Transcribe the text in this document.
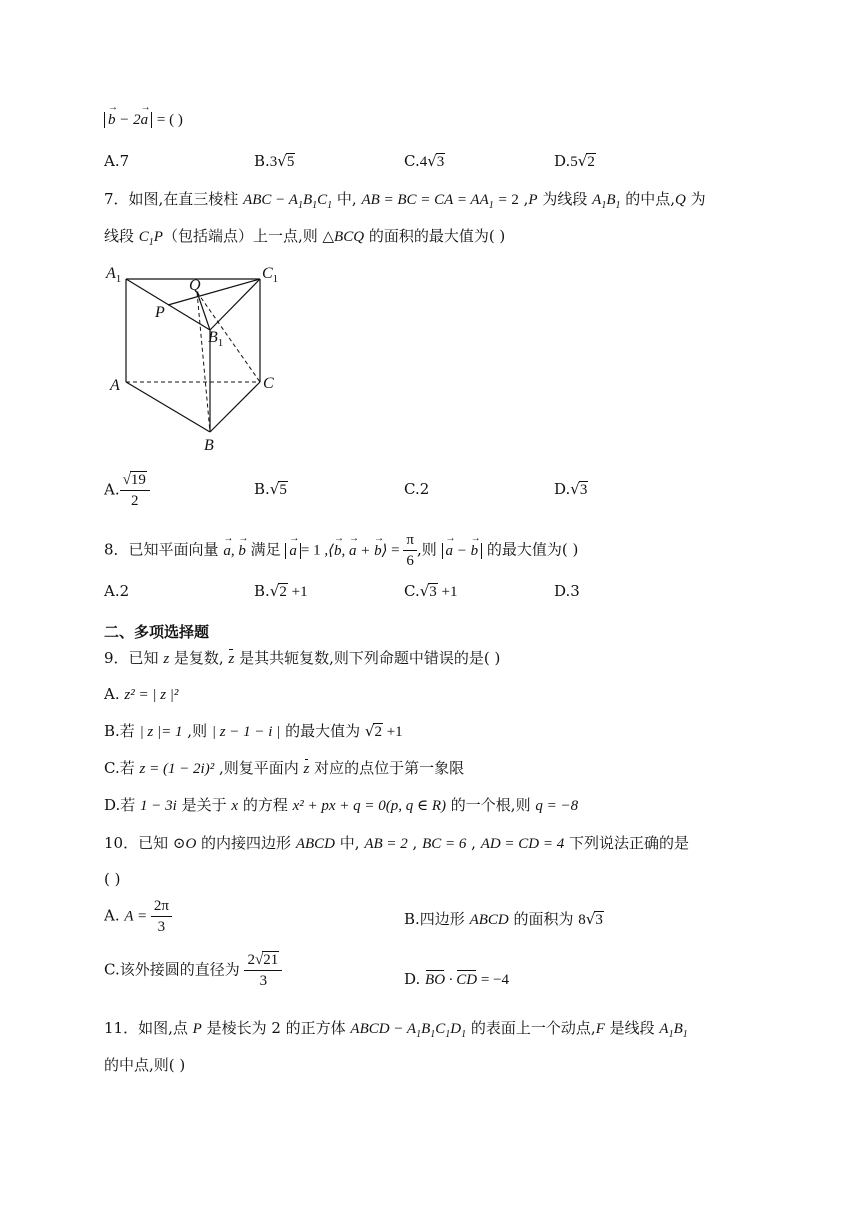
→ b − 2→ a = ( )
A.7	B.3√5	C.4√3	D.5√2
7．如图,在直三棱柱 ABC − $A_1B_1C_1$ 中, AB = BC = CA = $AA_1 = 2$ ,P 为线段 $A_1B_1$ 的中点,Q 为
线段 $C_1P$（包括端点）上一点,则 △BCQ 的面积的最大值为( )
$A_1$	$C_1$
Q
P
$B_1$
A	C
B
A. $\frac{√19}{2}$	B.√5	C.2	D.√3
8．已知平面向量 → a, → b 满足 → a = 1 ,⟨→ b, → a + → b⟩ = $\frac{\pi}{6}$ ,则 → a − → b 的最大值为( )
A.2	B.√2 +1	C.√3 +1	D.3
二、多项选择题
9．已知 z 是复数, z 是其共轭复数,则下列命题中错误的是( )
A. z² = | z |²
B.若 | z |= 1 ,则 | z − 1 − i | 的最大值为 √2 +1
C.若 z = (1 − 2i)² ,则复平面内 z 对应的点位于第一象限
D.若 1 − 3i 是关于 x 的方程 x² + px + q = 0(p, q ∈ R) 的一个根,则 q = −8
10．已知 ⊙O 的内接四边形 ABCD 中, AB = 2 , BC = 6 , AD = CD = 4 下列说法正确的是
( )
A. $A = \frac{2\pi}{3}$	B.四边形 ABCD 的面积为 8√3
C.该外接圆的直径为 $\frac{2√21}{3}$	D. BO · CD = −4
11．如图,点 P 是棱长为 2 的正方体 ABCD − $A_1B_1C_1D_1$ 的表面上一个动点,F 是线段 $A_1B_1$
的中点,则( )
